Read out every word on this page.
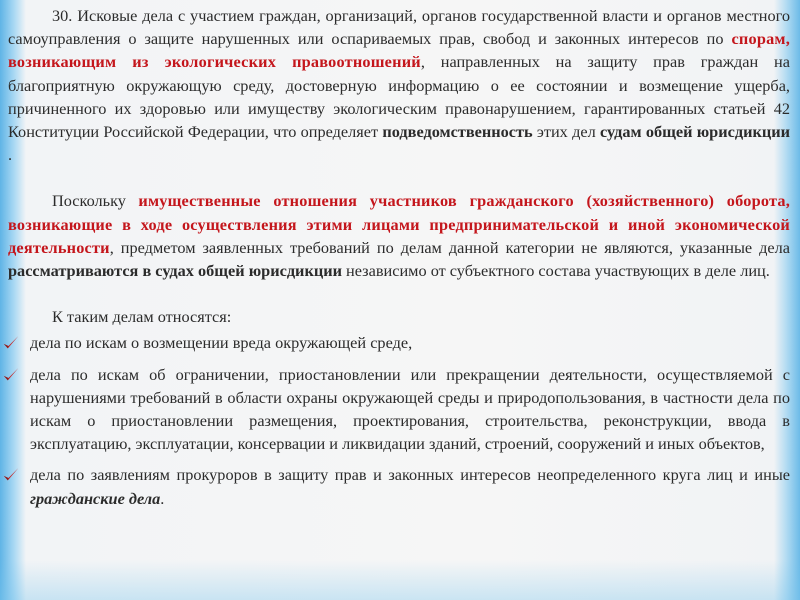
30. Исковые дела с участием граждан, организаций, органов государственной власти и органов местного самоуправления о защите нарушенных или оспариваемых прав, свобод и законных интересов по спорам, возникающим из экологических правоотношений, направленных на защиту прав граждан на благоприятную окружающую среду, достоверную информацию о ее состоянии и возмещение ущерба, причиненного их здоровью или имуществу экологическим правонарушением, гарантированных статьей 42 Конституции Российской Федерации, что определяет подведомственность этих дел судам общей юрисдикции .

Поскольку имущественные отношения участников гражданского (хозяйственного) оборота, возникающие в ходе осуществления этими лицами предпринимательской и иной экономической деятельности, предметом заявленных требований по делам данной категории не являются, указанные дела рассматриваются в судах общей юрисдикции независимо от субъектного состава участвующих в деле лиц.

К таким делам относятся:

дела по искам о возмещении вреда окружающей среде,
дела по искам об ограничении, приостановлении или прекращении деятельности, осуществляемой с нарушениями требований в области охраны окружающей среды и природопользования, в частности дела по искам о приостановлении размещения, проектирования, строительства, реконструкции, ввода в эксплуатацию, эксплуатации, консервации и ликвидации зданий, строений, сооружений и иных объектов,
дела по заявлениям прокуроров в защиту прав и законных интересов неопределенного круга лиц и иные гражданские дела.
